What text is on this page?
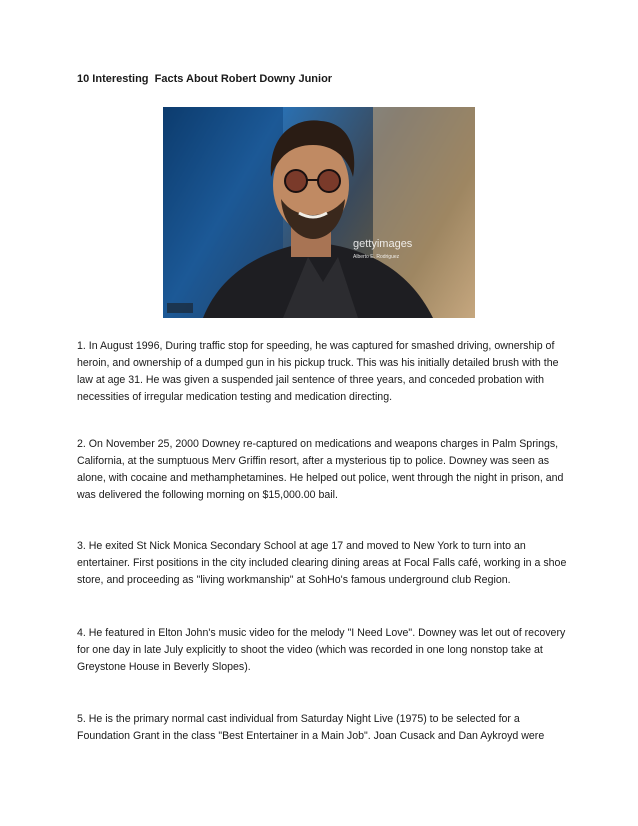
10 Interesting  Facts About Robert Downy Junior

gettyimages
Alberto E. Rodriguez

1. In August 1996, During traffic stop for speeding, he was captured for smashed driving, ownership of heroin, and ownership of a dumped gun in his pickup truck. This was his initially detailed brush with the law at age 31. He was given a suspended jail sentence of three years, and conceded probation with necessities of irregular medication testing and medication directing.

2. On November 25, 2000 Downey re-captured on medications and weapons charges in Palm Springs, California, at the sumptuous Merv Griffin resort, after a mysterious tip to police. Downey was seen as alone, with cocaine and methamphetamines. He helped out police, went through the night in prison, and was delivered the following morning on $15,000.00 bail.

3. He exited St Nick Monica Secondary School at age 17 and moved to New York to turn into an entertainer. First positions in the city included clearing dining areas at Focal Falls café, working in a shoe store, and proceeding as "living workmanship" at SohHo's famous underground club Region.

4. He featured in Elton John's music video for the melody "I Need Love". Downey was let out of recovery for one day in late July explicitly to shoot the video (which was recorded in one long nonstop take at Greystone House in Beverly Slopes).

5. He is the primary normal cast individual from Saturday Night Live (1975) to be selected for a Foundation Grant in the class "Best Entertainer in a Main Job". Joan Cusack and Dan Aykroyd were
